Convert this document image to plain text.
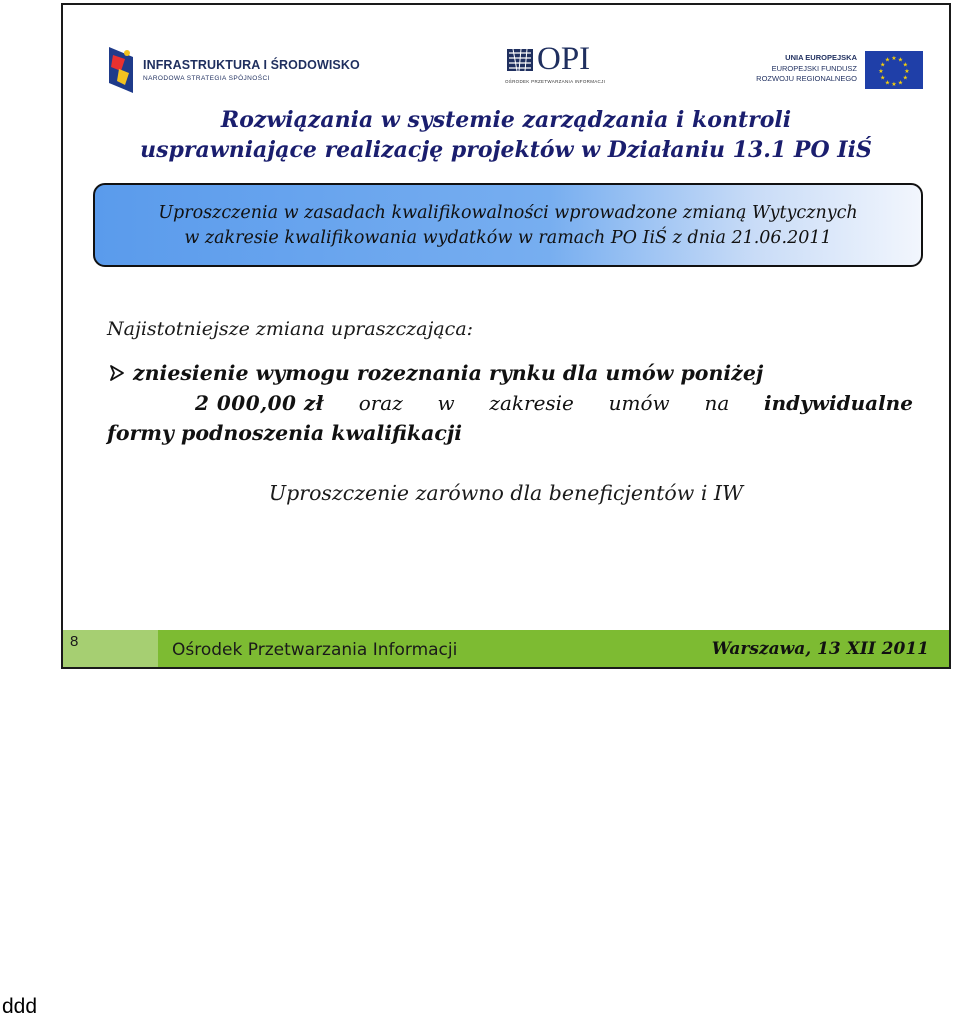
INFRASTRUKTURA I ŚRODOWISKO
NARODOWA STRATEGIA SPÓJNOŚCI
OPI
OŚRODEK PRZETWARZANIA INFORMACJI
UNIA EUROPEJSKA
EUROPEJSKI FUNDUSZ
ROZWOJU REGIONALNEGO
★ ★
★
★
★
★
★
★
★
★
★
★
Rozwiązania w systemie zarządzania i kontroli
usprawniające realizację projektów w Działaniu 13.1 PO IiŚ
Uproszczenia w zasadach kwalifikowalności wprowadzone zmianą Wytycznych
w zakresie kwalifikowania wydatków w ramach PO IiŚ z dnia 21.06.2011
Najistotniejsze zmiana upraszczająca:
zniesienie wymogu rozeznania rynku dla umów poniżej
2 000,00 zł oraz w zakresie umów na indywidualne
formy podnoszenia kwalifikacji
Uproszczenie zarówno dla beneficjentów i IW
8	Ośrodek Przetwarzania Informacji	Warszawa, 13 XII 2011
ddd
